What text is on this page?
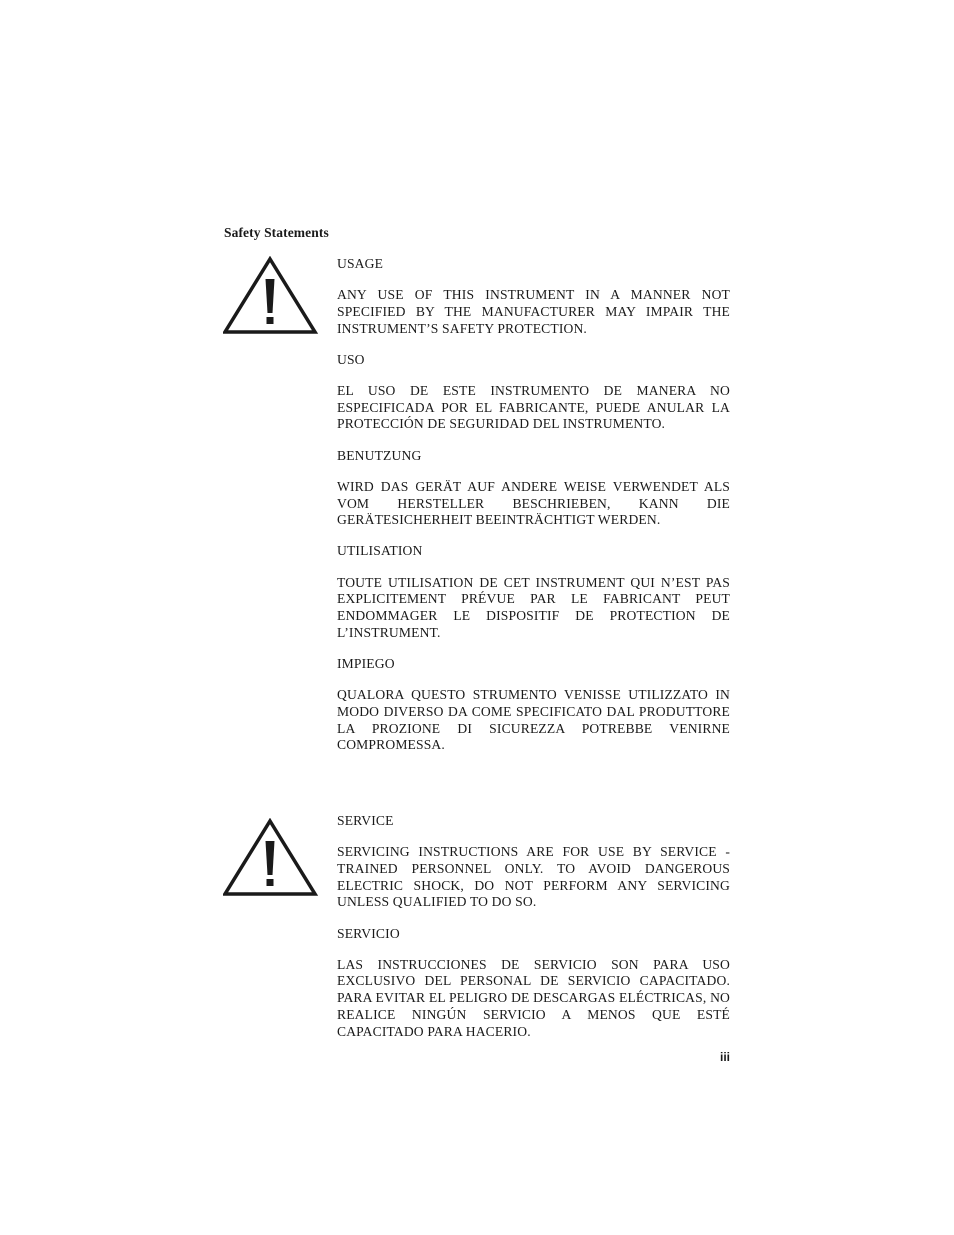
Safety Statements

USAGE

ANY USE OF THIS INSTRUMENT IN A MANNER NOT SPECIFIED BY THE MANUFACTURER MAY IMPAIR THE INSTRUMENT’S SAFETY PROTECTION.

USO

EL USO DE ESTE INSTRUMENTO DE MANERA NO ESPECIFICADA POR EL FABRICANTE, PUEDE ANULAR LA PROTECCIÓN DE SEGURIDAD DEL INSTRUMENTO.

BENUTZUNG

WIRD DAS GERÄT AUF ANDERE WEISE VERWENDET ALS VOM HERSTELLER BESCHRIEBEN, KANN DIE GERÄTESICHERHEIT BEEINTRÄCHTIGT WERDEN.

UTILISATION

TOUTE UTILISATION DE CET INSTRUMENT QUI N’EST PAS EXPLICITEMENT PRÉVUE PAR LE FABRICANT PEUT ENDOMMAGER LE DISPOSITIF DE PROTECTION DE L’INSTRUMENT.

IMPIEGO

QUALORA QUESTO STRUMENTO VENISSE UTILIZZATO IN MODO DIVERSO DA COME SPECIFICATO DAL PRODUTTORE LA PROZIONE DI SICUREZZA POTREBBE VENIRNE COMPROMESSA.

SERVICE

SERVICING INSTRUCTIONS ARE FOR USE BY SERVICE - TRAINED PERSONNEL ONLY. TO AVOID DANGEROUS ELECTRIC SHOCK, DO NOT PERFORM ANY SERVICING UNLESS QUALIFIED TO DO SO.

SERVICIO

LAS INSTRUCCIONES DE SERVICIO SON PARA USO EXCLUSIVO DEL PERSONAL DE SERVICIO CAPACITADO. PARA EVITAR EL PELIGRO DE DESCARGAS ELÉCTRICAS, NO REALICE NINGÚN SERVICIO A MENOS QUE ESTÉ CAPACITADO PARA HACERIO.

iii
